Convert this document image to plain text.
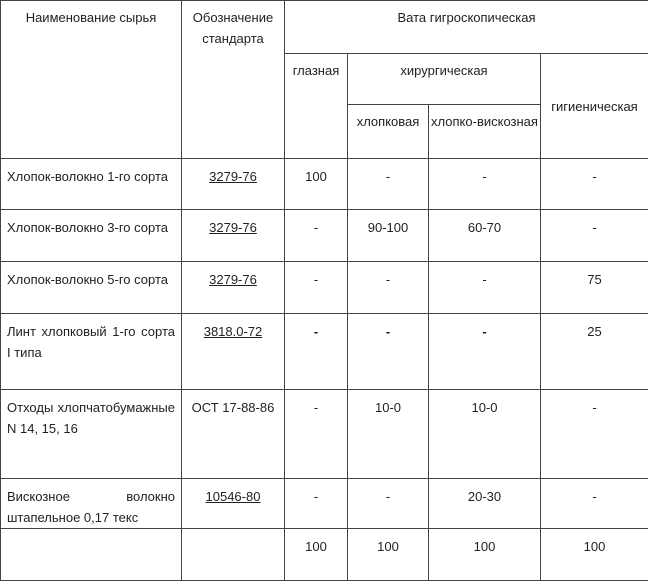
Наименование сырья	Обозначение стандарта	Вата гигроскопическая			
		глазная	хирургическая		гигиеническая
			хлопковая	хлопко-вискозная	
Хлопок-волокно 1-го сорта	3279-76	100	-	-	-
Хлопок-волокно 3-го сорта	3279-76	-	90-100	60-70	-
Хлопок-волокно 5-го сорта	3279-76	-	-	-	75
Линт хлопковый 1-го сорта I типа	3818.0-72	-	-	-	25
Отходы хлопчатобумажные N 14, 15, 16	ОСТ 17-88-86	-	10-0	10-0	-
Вискозное волокно штапельное 0,17 текс	10546-80	-	-	20-30	-
		100	100	100	100
